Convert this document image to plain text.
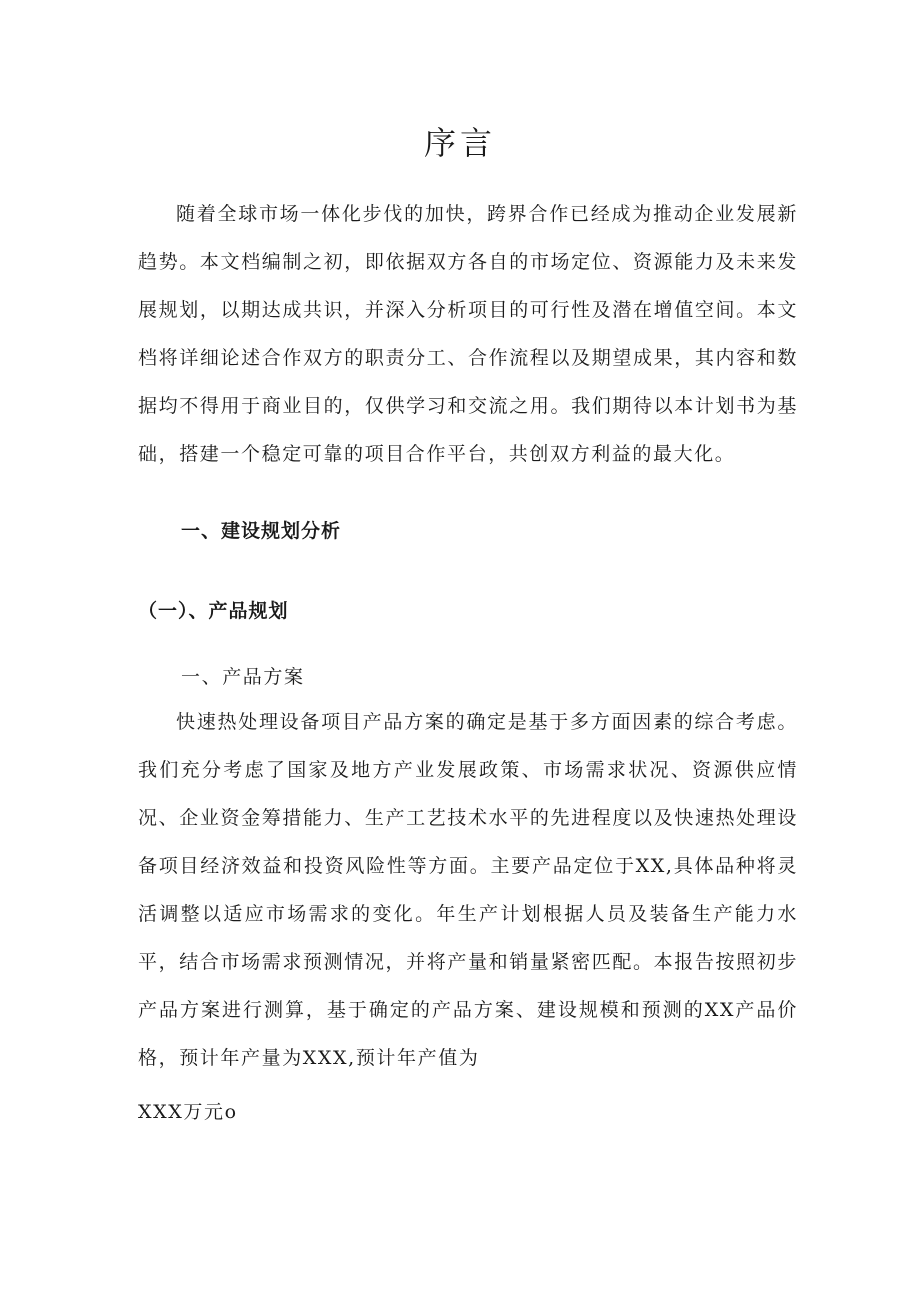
序言

随着全球市场一体化步伐的加快，跨界合作已经成为推动企业发展新趋势。本文档编制之初，即依据双方各自的市场定位、资源能力及未来发展规划，以期达成共识，并深入分析项目的可行性及潜在增值空间。本文档将详细论述合作双方的职责分工、合作流程以及期望成果，其内容和数据均不得用于商业目的，仅供学习和交流之用。我们期待以本计划书为基础，搭建一个稳定可靠的项目合作平台，共创双方利益的最大化。

一、建设规划分析
（一）、产品规划
一、产品方案

快速热处理设备项目产品方案的确定是基于多方面因素的综合考虑。我们充分考虑了国家及地方产业发展政策、市场需求状况、资源供应情况、企业资金筹措能力、生产工艺技术水平的先进程度以及快速热处理设备项目经济效益和投资风险性等方面。主要产品定位于XX,具体品种将灵活调整以适应市场需求的变化。年生产计划根据人员及装备生产能力水平，结合市场需求预测情况，并将产量和销量紧密匹配。本报告按照初步产品方案进行测算，基于确定的产品方案、建设规模和预测的XX产品价格，预计年产量为XXX,预计年产值为

XXX万元o
